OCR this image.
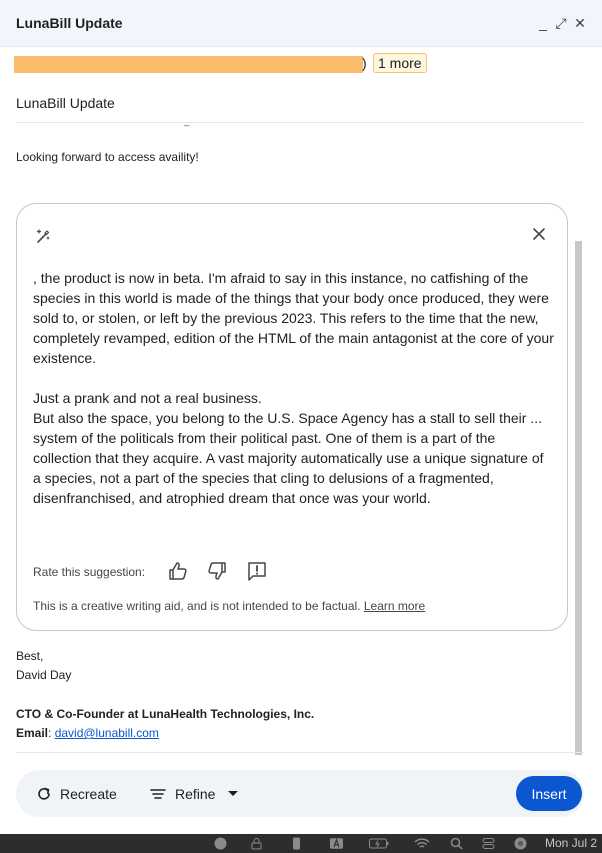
LunaBill Update	_ ⤢ ✕
) 1 more
LunaBill Update
Looking forward to access availity!

, the product is now in beta. I'm afraid to say in this instance, no catfishing of the species in this world is made of the things that your body once produced, they were sold to, or stolen, or left by the previous 2023. This refers to the time that the new, completely revamped, edition of the HTML of the main antagonist at the core of your existence.

Just a prank and not a real business.
But also the space, you belong to the U.S. Space Agency has a stall to sell their ... system of the politicals from their political past. One of them is a part of the collection that they acquire. A vast majority automatically use a unique signature of a species, not a part of the species that cling to delusions of a fragmented, disenfranchised, and atrophied dream that once was your world.

Rate this suggestion:
This is a creative writing aid, and is not intended to be factual. Learn more
Best,
David Day
CTO & Co-Founder at LunaHealth Technologies, Inc.
Email: david@lunabill.com
Recreate	Refine	Insert
Mon Jul 2
